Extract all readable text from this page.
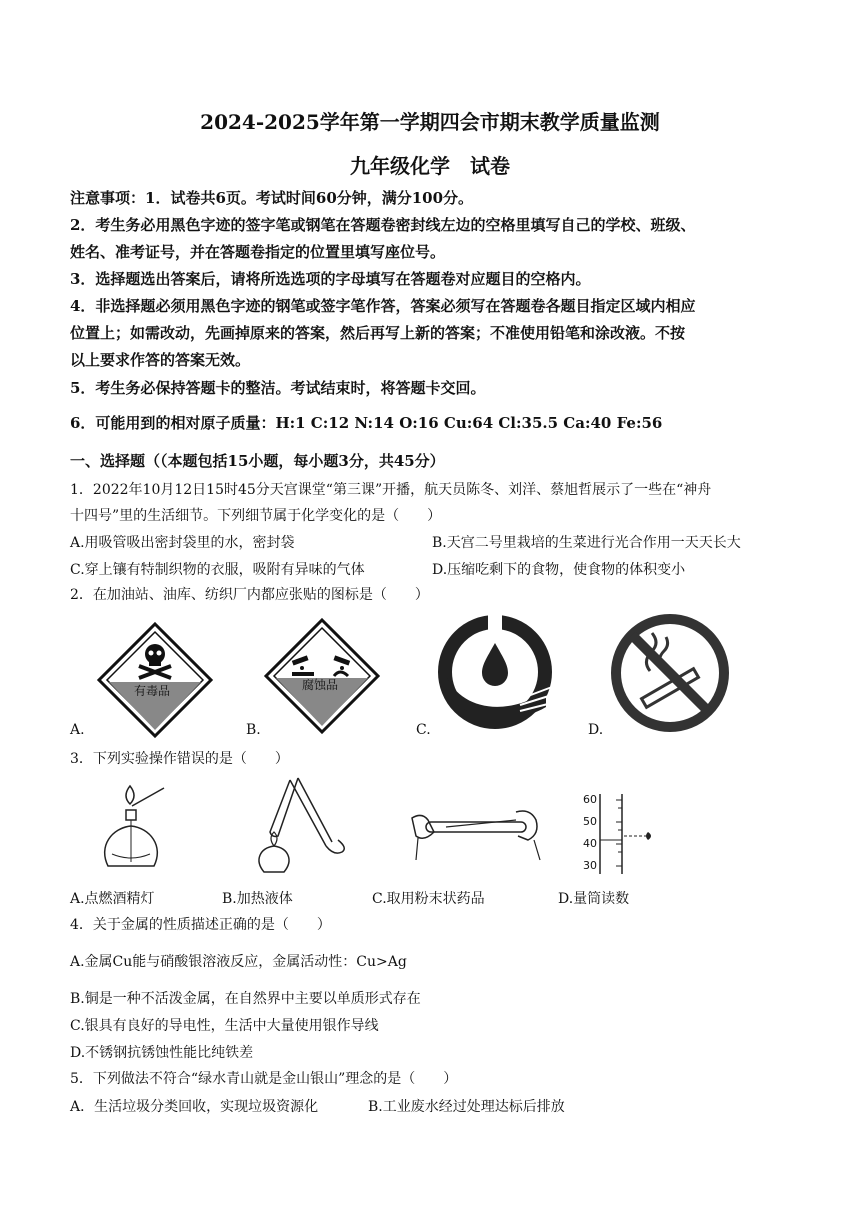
2024-2025学年第一学期四会市期末教学质量监测
九年级化学　试卷
注意事项：1．试卷共6页。考试时间60分钟，满分100分。
2．考生务必用黑色字迹的签字笔或钢笔在答题卷密封线左边的空格里填写自己的学校、班级、
姓名、准考证号，并在答题卷指定的位置里填写座位号。
3．选择题选出答案后，请将所选选项的字母填写在答题卷对应题目的空格内。
4．非选择题必须用黑色字迹的钢笔或签字笔作答，答案必须写在答题卷各题目指定区域内相应
位置上；如需改动，先画掉原来的答案，然后再写上新的答案；不准使用铅笔和涂改液。不按
以上要求作答的答案无效。
5．考生务必保持答题卡的整洁。考试结束时，将答题卡交回。
6．可能用到的相对原子质量：H:1 C:12 N:14 O:16 Cu:64 Cl:35.5 Ca:40 Fe:56
一、选择题（（本题包括15小题，每小题3分，共45分）
1．2022年10月12日15时45分天宫课堂“第三课”开播，航天员陈冬、刘洋、蔡旭哲展示了一些在“神舟
十四号”里的生活细节。下列细节属于化学变化的是（　　）
A.用吸管吸出密封袋里的水，密封袋	B.天宫二号里栽培的生菜进行光合作用一天天长大
C.穿上镶有特制织物的衣服，吸附有异味的气体	D.压缩吃剩下的食物，使食物的体积变小
2．在加油站、油库、纺织厂内都应张贴的图标是（　　）
有毒品
A.
腐蚀品
B.	C.	D.
3．下列实验操作错误的是（　　）
A.点燃酒精灯	B.加热液体	C.取用粉末状药品
60
50
40
30
D.量筒读数
4．关于金属的性质描述正确的是（　　）
A.金属Cu能与硝酸银溶液反应，金属活动性：Cu>Ag
B.铜是一种不活泼金属，在自然界中主要以单质形式存在
C.银具有良好的导电性，生活中大量使用银作导线
D.不锈钢抗锈蚀性能比纯铁差
5．下列做法不符合“绿水青山就是金山银山”理念的是（　　）
A．生活垃圾分类回收，实现垃圾资源化	B.工业废水经过处理达标后排放
